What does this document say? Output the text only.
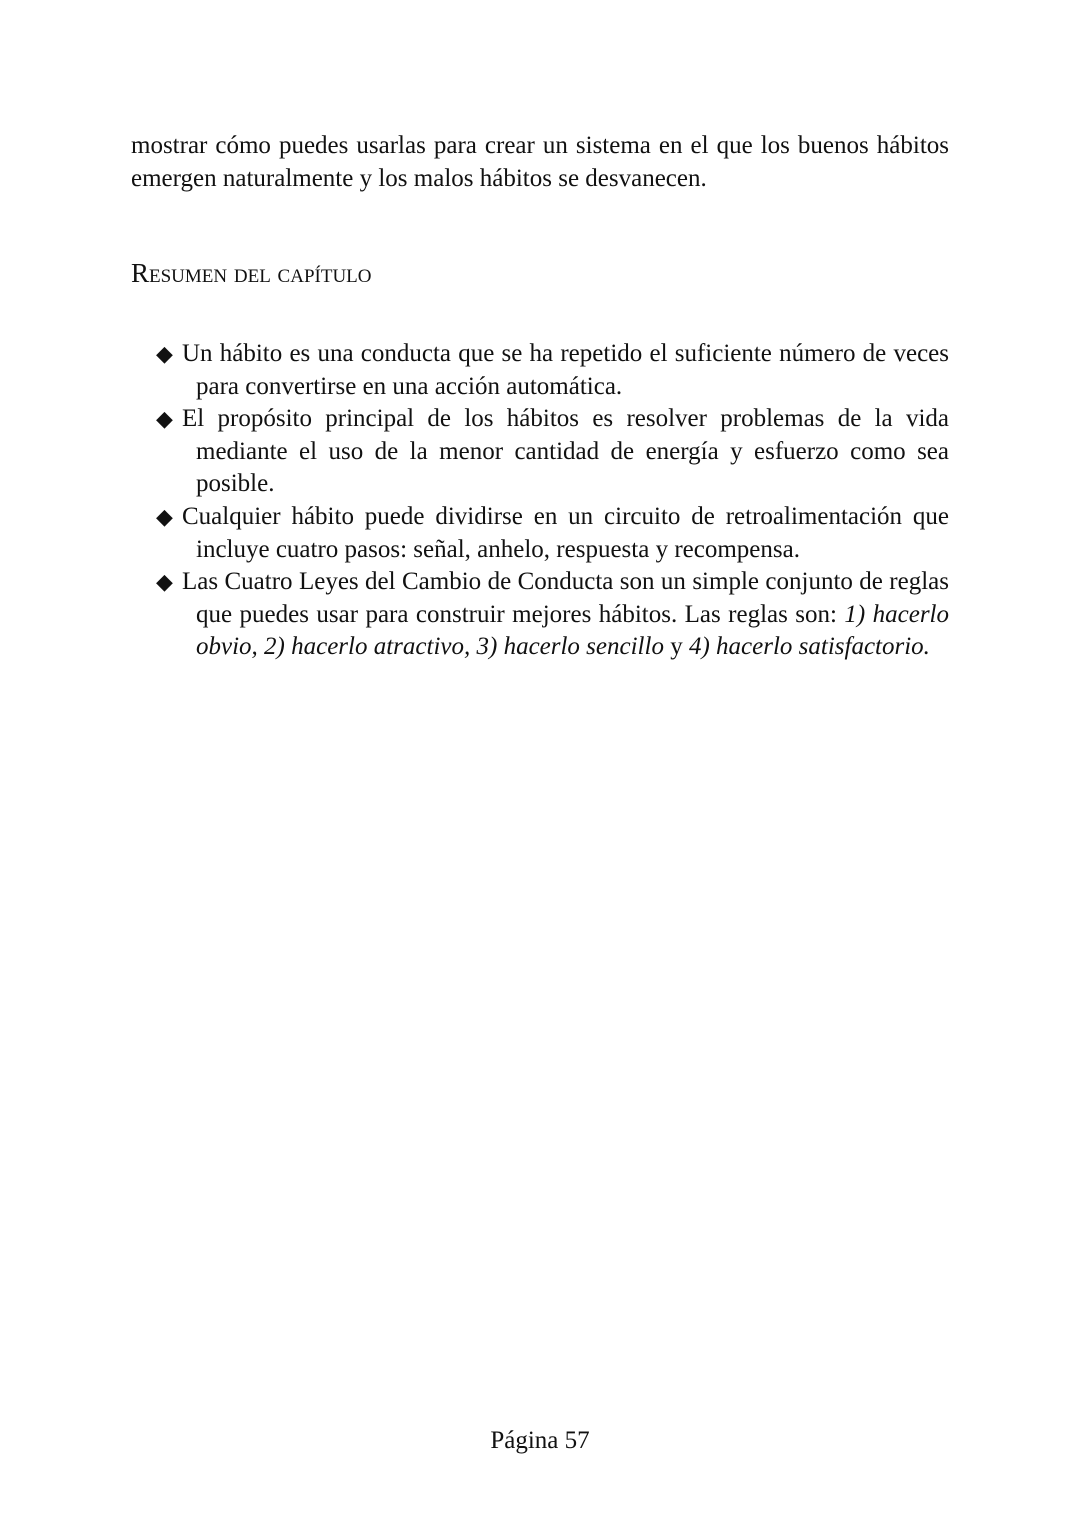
mostrar cómo puedes usarlas para crear un sistema en el que los buenos hábitos emergen naturalmente y los malos hábitos se desvanecen.

Resumen del capítulo
◆ Un hábito es una conducta que se ha repetido el suficiente número de veces para convertirse en una acción automática.
◆ El propósito principal de los hábitos es resolver problemas de la vida mediante el uso de la menor cantidad de energía y esfuerzo como sea posible.
◆ Cualquier hábito puede dividirse en un circuito de retroalimentación que incluye cuatro pasos: señal, anhelo, respuesta y recompensa.
◆ Las Cuatro Leyes del Cambio de Conducta son un simple conjunto de reglas que puedes usar para construir mejores hábitos. Las reglas son: 1) hacerlo obvio, 2) hacerlo atractivo, 3) hacerlo sencillo y 4) hacerlo satisfactorio.
Página 57
